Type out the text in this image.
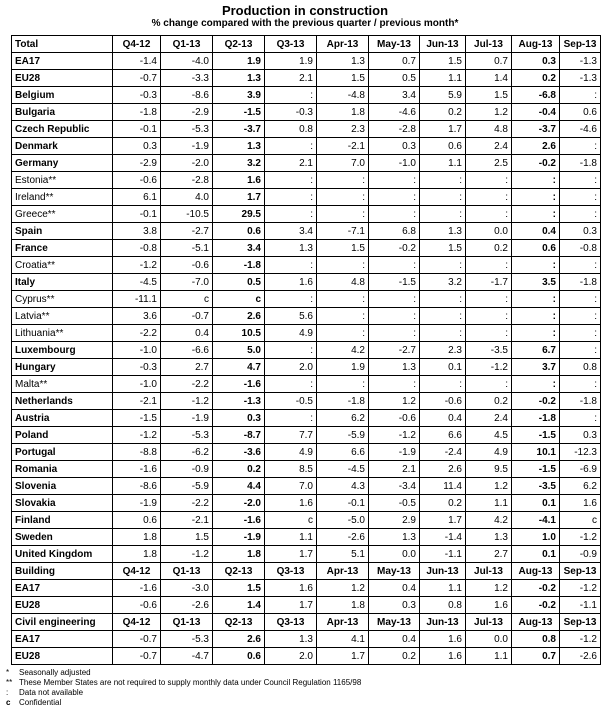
Production in construction
% change compared with the previous quarter / previous month*
Total	Q4-12	Q1-13	Q2-13	Q3-13	Apr-13	May-13	Jun-13	Jul-13	Aug-13	Sep-13
EA17	-1.4	-4.0	1.9	1.9	1.3	0.7	1.5	0.7	0.3	-1.3
EU28	-0.7	-3.3	1.3	2.1	1.5	0.5	1.1	1.4	0.2	-1.3
Belgium	-0.3	-8.6	3.9	:	-4.8	3.4	5.9	1.5	-6.8	:
Bulgaria	-1.8	-2.9	-1.5	-0.3	1.8	-4.6	0.2	1.2	-0.4	0.6
Czech Republic	-0.1	-5.3	-3.7	0.8	2.3	-2.8	1.7	4.8	-3.7	-4.6
Denmark	0.3	-1.9	1.3	:	-2.1	0.3	0.6	2.4	2.6	:
Germany	-2.9	-2.0	3.2	2.1	7.0	-1.0	1.1	2.5	-0.2	-1.8
Estonia**	-0.6	-2.8	1.6	:	:	:	:	:	:	:
Ireland**	6.1	4.0	1.7	:	:	:	:	:	:	:
Greece**	-0.1	-10.5	29.5	:	:	:	:	:	:	:
Spain	3.8	-2.7	0.6	3.4	-7.1	6.8	1.3	0.0	0.4	0.3
France	-0.8	-5.1	3.4	1.3	1.5	-0.2	1.5	0.2	0.6	-0.8
Croatia**	-1.2	-0.6	-1.8	:	:	:	:	:	:	:
Italy	-4.5	-7.0	0.5	1.6	4.8	-1.5	3.2	-1.7	3.5	-1.8
Cyprus**	-11.1	c	c	:	:	:	:	:	:	:
Latvia**	3.6	-0.7	2.6	5.6	:	:	:	:	:	:
Lithuania**	-2.2	0.4	10.5	4.9	:	:	:	:	:	:
Luxembourg	-1.0	-6.6	5.0	:	4.2	-2.7	2.3	-3.5	6.7	:
Hungary	-0.3	2.7	4.7	2.0	1.9	1.3	0.1	-1.2	3.7	0.8
Malta**	-1.0	-2.2	-1.6	:	:	:	:	:	:	:
Netherlands	-2.1	-1.2	-1.3	-0.5	-1.8	1.2	-0.6	0.2	-0.2	-1.8
Austria	-1.5	-1.9	0.3	:	6.2	-0.6	0.4	2.4	-1.8	:
Poland	-1.2	-5.3	-8.7	7.7	-5.9	-1.2	6.6	4.5	-1.5	0.3
Portugal	-8.8	-6.2	-3.6	4.9	6.6	-1.9	-2.4	4.9	10.1	-12.3
Romania	-1.6	-0.9	0.2	8.5	-4.5	2.1	2.6	9.5	-1.5	-6.9
Slovenia	-8.6	-5.9	4.4	7.0	4.3	-3.4	11.4	1.2	-3.5	6.2
Slovakia	-1.9	-2.2	-2.0	1.6	-0.1	-0.5	0.2	1.1	0.1	1.6
Finland	0.6	-2.1	-1.6	c	-5.0	2.9	1.7	4.2	-4.1	c
Sweden	1.8	1.5	-1.9	1.1	-2.6	1.3	-1.4	1.3	1.0	-1.2
United Kingdom	1.8	-1.2	1.8	1.7	5.1	0.0	-1.1	2.7	0.1	-0.9
Building	Q4-12	Q1-13	Q2-13	Q3-13	Apr-13	May-13	Jun-13	Jul-13	Aug-13	Sep-13
EA17	-1.6	-3.0	1.5	1.6	1.2	0.4	1.1	1.2	-0.2	-1.2
EU28	-0.6	-2.6	1.4	1.7	1.8	0.3	0.8	1.6	-0.2	-1.1
Civil engineering	Q4-12	Q1-13	Q2-13	Q3-13	Apr-13	May-13	Jun-13	Jul-13	Aug-13	Sep-13
EA17	-0.7	-5.3	2.6	1.3	4.1	0.4	1.6	0.0	0.8	-1.2
EU28	-0.7	-4.7	0.6	2.0	1.7	0.2	1.6	1.1	0.7	-2.6
* Seasonally adjusted
** These Member States are not required to supply monthly data under Council Regulation 1165/98
: Data not available
c Confidential
